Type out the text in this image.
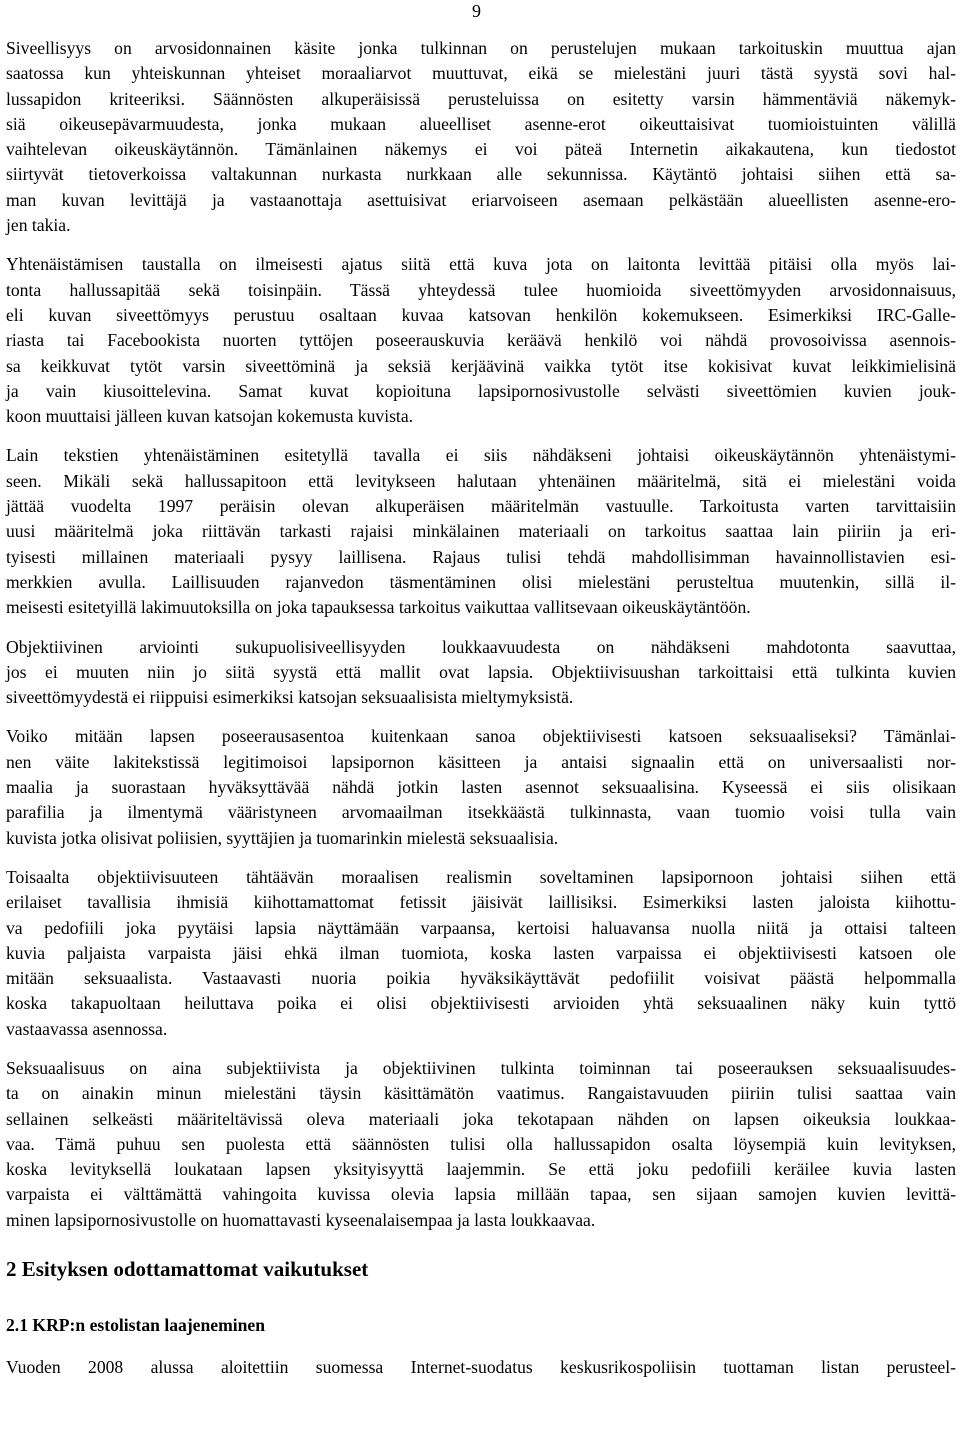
9
Siveellisyys on arvosidonnainen käsite jonka tulkinnan on perustelujen mukaan tarkoituskin muuttua ajan
saatossa kun yhteiskunnan yhteiset moraaliarvot muuttuvat, eikä se mielestäni juuri tästä syystä sovi hal-
lussapidon kriteeriksi. Säännösten alkuperäisissä perusteluissa on esitetty varsin hämmentäviä näkemyk-
siä oikeusepävarmuudesta, jonka mukaan alueelliset asenne-erot oikeuttaisivat tuomioistuinten välillä
vaihtelevan oikeuskäytännön. Tämänlainen näkemys ei voi päteä Internetin aikakautena, kun tiedostot
siirtyvät tietoverkoissa valtakunnan nurkasta nurkkaan alle sekunnissa. Käytäntö johtaisi siihen että sa-
man kuvan levittäjä ja vastaanottaja asettuisivat eriarvoiseen asemaan pelkästään alueellisten asenne-ero-
jen takia.
Yhtenäistämisen taustalla on ilmeisesti ajatus siitä että kuva jota on laitonta levittää pitäisi olla myös lai-
tonta hallussapitää sekä toisinpäin. Tässä yhteydessä tulee huomioida siveettömyyden arvosidonnaisuus,
eli kuvan siveettömyys perustuu osaltaan kuvaa katsovan henkilön kokemukseen. Esimerkiksi IRC-Galle-
riasta tai Facebookista nuorten tyttöjen poseerauskuvia keräävä henkilö voi nähdä provosoivissa asennois-
sa keikkuvat tytöt varsin siveettöminä ja seksiä kerjäävinä vaikka tytöt itse kokisivat kuvat leikkimielisinä
ja vain kiusoittelevina. Samat kuvat kopioituna lapsipornosivustolle selvästi siveettömien kuvien jouk-
koon muuttaisi jälleen kuvan katsojan kokemusta kuvista.
Lain tekstien yhtenäistäminen esitetyllä tavalla ei siis nähdäkseni johtaisi oikeuskäytännön yhtenäistymi-
seen. Mikäli sekä hallussapitoon että levitykseen halutaan yhtenäinen määritelmä, sitä ei mielestäni voida
jättää vuodelta 1997 peräisin olevan alkuperäisen määritelmän vastuulle. Tarkoitusta varten tarvittaisiin
uusi määritelmä joka riittävän tarkasti rajaisi minkälainen materiaali on tarkoitus saattaa lain piiriin ja eri-
tyisesti millainen materiaali pysyy laillisena. Rajaus tulisi tehdä mahdollisimman havainnollistavien esi-
merkkien avulla. Laillisuuden rajanvedon täsmentäminen olisi mielestäni perusteltua muutenkin, sillä il-
meisesti esitetyillä lakimuutoksilla on joka tapauksessa tarkoitus vaikuttaa vallitsevaan oikeuskäytäntöön.
Objektiivinen arviointi sukupuolisiveellisyyden loukkaavuudesta on nähdäkseni mahdotonta saavuttaa,
jos ei muuten niin jo siitä syystä että mallit ovat lapsia. Objektiivisuushan tarkoittaisi että tulkinta kuvien
siveettömyydestä ei riippuisi esimerkiksi katsojan seksuaalisista mieltymyksistä.
Voiko mitään lapsen poseerausasentoa kuitenkaan sanoa objektiivisesti katsoen seksuaaliseksi? Tämänlai-
nen väite lakitekstissä legitimoisoi lapsipornon käsitteen ja antaisi signaalin että on universaalisti nor-
maalia ja suorastaan hyväksyttävää nähdä jotkin lasten asennot seksuaalisina. Kyseessä ei siis olisikaan
parafilia ja ilmentymä vääristyneen arvomaailman itsekkäästä tulkinnasta, vaan tuomio voisi tulla vain
kuvista jotka olisivat poliisien, syyttäjien ja tuomarinkin mielestä seksuaalisia.
Toisaalta objektiivisuuteen tähtäävän moraalisen realismin soveltaminen lapsipornoon johtaisi siihen että
erilaiset tavallisia ihmisiä kiihottamattomat fetissit jäisivät laillisiksi. Esimerkiksi lasten jaloista kiihottu-
va pedofiili joka pyytäisi lapsia näyttämään varpaansa, kertoisi haluavansa nuolla niitä ja ottaisi talteen
kuvia paljaista varpaista jäisi ehkä ilman tuomiota, koska lasten varpaissa ei objektiivisesti katsoen ole
mitään seksuaalista. Vastaavasti nuoria poikia hyväksikäyttävät pedofiilit voisivat päästä helpommalla
koska takapuoltaan heiluttava poika ei olisi objektiivisesti arvioiden yhtä seksuaalinen näky kuin tyttö
vastaavassa asennossa.
Seksuaalisuus on aina subjektiivista ja objektiivinen tulkinta toiminnan tai poseerauksen seksuaalisuudes-
ta on ainakin minun mielestäni täysin käsittämätön vaatimus. Rangaistavuuden piiriin tulisi saattaa vain
sellainen selkeästi määriteltävissä oleva materiaali joka tekotapaan nähden on lapsen oikeuksia loukkaa-
vaa. Tämä puhuu sen puolesta että säännösten tulisi olla hallussapidon osalta löysempiä kuin levityksen,
koska levityksellä loukataan lapsen yksityisyyttä laajemmin. Se että joku pedofiili keräilee kuvia lasten
varpaista ei välttämättä vahingoita kuvissa olevia lapsia millään tapaa, sen sijaan samojen kuvien levittä-
minen lapsipornosivustolle on huomattavasti kyseenalaisempaa ja lasta loukkaavaa.
2 Esityksen odottamattomat vaikutukset
2.1 KRP:n estolistan laajeneminen
Vuoden 2008 alussa aloitettiin suomessa Internet-suodatus keskusrikospoliisin tuottaman listan perusteel-
